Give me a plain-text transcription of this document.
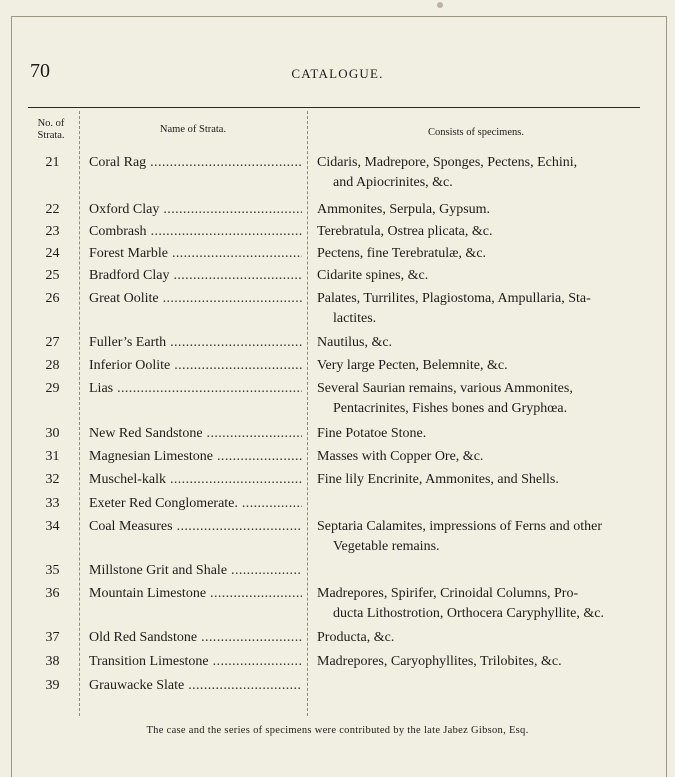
70	CATALOGUE.
No. of
Strata.
Name of Strata.	Consists of specimens.
21	Coral Rag .....	Cidaris, Madrepore, Sponges, Pectens, Echini,
and Apiocrinites, &c.
22	Oxford Clay .....	Ammonites, Serpula, Gypsum.
23	Combrash .....	Terebratula, Ostrea plicata, &c.
24	Forest Marble .....	Pectens, fine Terebratulæ, &c.
25	Bradford Clay .....	Cidarite spines, &c.
26	Great Oolite .....	Palates, Turrilites, Plagiostoma, Ampullaria, Sta-
lactites.
27	Fuller’s Earth .....	Nautilus, &c.
28	Inferior Oolite .....	Very large Pecten, Belemnite, &c.
29	Lias .....	Several Saurian remains, various Ammonites,
Pentacrinites, Fishes bones and Gryphœa.
30	New Red Sandstone .....	Fine Potatoe Stone.
31	Magnesian Limestone .....	Masses with Copper Ore, &c.
32	Muschel-kalk .....	Fine lily Encrinite, Ammonites, and Shells.
33	Exeter Red Conglomerate.
.....
34	Coal Measures .....	Septaria Calamites, impressions of Ferns and other
Vegetable remains.
35	Millstone Grit and Shale
.....
36	Mountain Limestone .....	Madrepores, Spirifer, Crinoidal Columns, Pro-
ducta Lithostrotion, Orthocera Caryphyllite, &c.
37	Old Red Sandstone .....	Producta, &c.
38	Transition Limestone .....	Madrepores, Caryophyllites, Trilobites, &c.
39	Grauwacke Slate
.....
The case and the series of specimens were contributed by the late Jabez Gibson, Esq.
